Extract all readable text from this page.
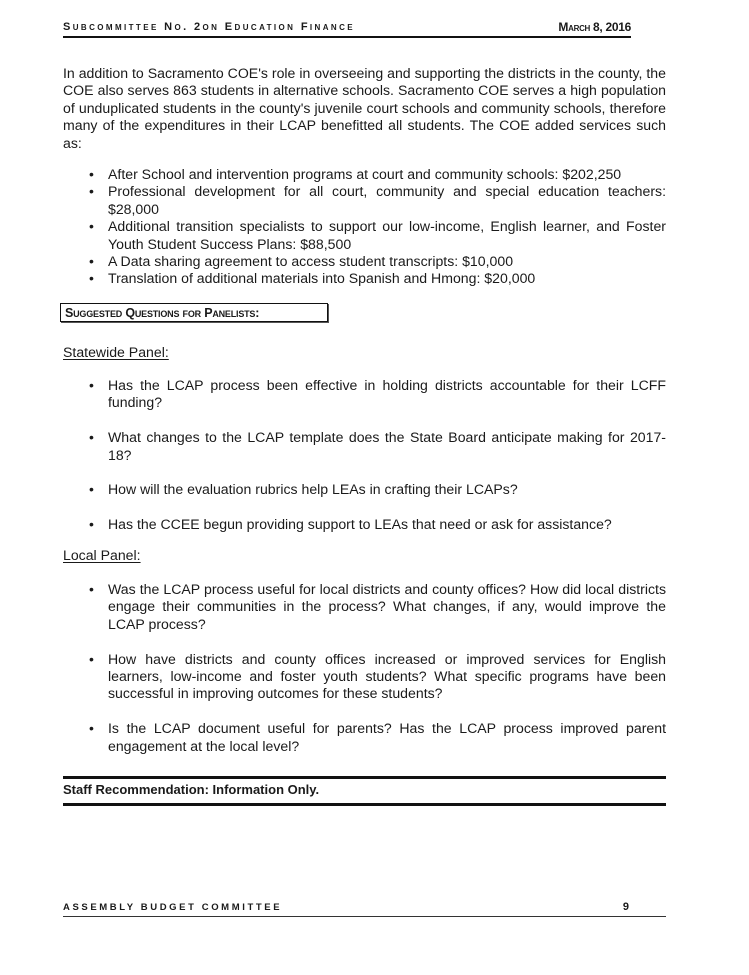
Subcommittee No. 2on Education Finance	March 8, 2016

In addition to Sacramento COE's role in overseeing and supporting the districts in the county, the COE also serves 863 students in alternative schools. Sacramento COE serves a high population of unduplicated students in the county's juvenile court schools and community schools, therefore many of the expenditures in their LCAP benefitted all students. The COE added services such as:

• After School and intervention programs at court and community schools: $202,250
• Professional development for all court, community and special education teachers: $28,000
• Additional transition specialists to support our low-income, English learner, and Foster Youth Student Success Plans: $88,500
• A Data sharing agreement to access student transcripts: $10,000
• Translation of additional materials into Spanish and Hmong: $20,000
Suggested Questions for Panelists:
Statewide Panel:
• Has the LCAP process been effective in holding districts accountable for their LCFF funding?
• What changes to the LCAP template does the State Board anticipate making for 2017-18?
• How will the evaluation rubrics help LEAs in crafting their LCAPs?
• Has the CCEE begun providing support to LEAs that need or ask for assistance?
Local Panel:
• Was the LCAP process useful for local districts and county offices? How did local districts engage their communities in the process? What changes, if any, would improve the LCAP process?
• How have districts and county offices increased or improved services for English learners, low-income and foster youth students? What specific programs have been successful in improving outcomes for these students?
• Is the LCAP document useful for parents? Has the LCAP process improved parent engagement at the local level?
Staff Recommendation: Information Only.
ASSEMBLY BUDGET COMMITTEE	9
